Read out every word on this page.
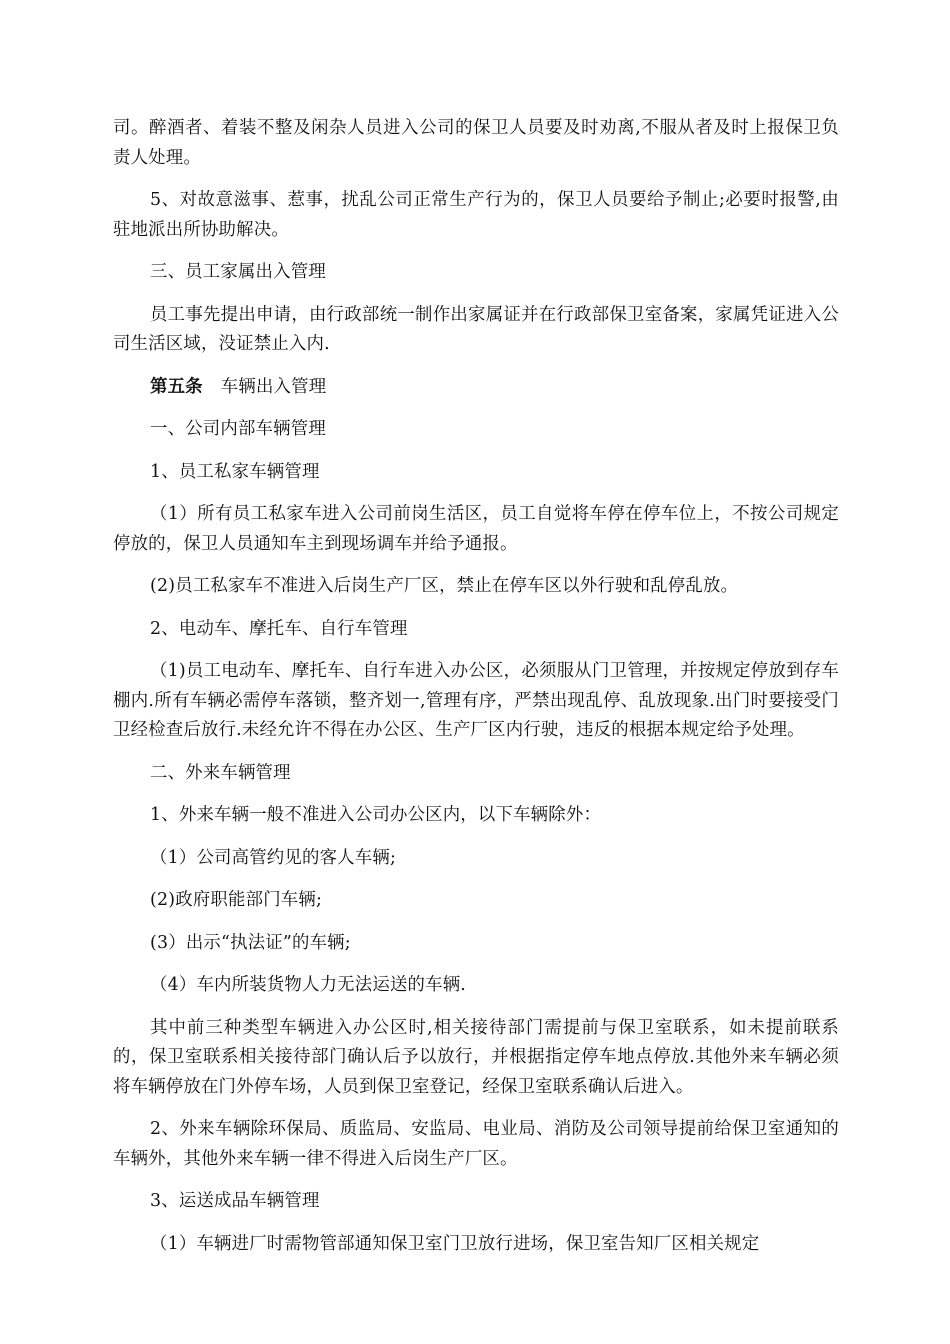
司。醉酒者、着装不整及闲杂人员进入公司的保卫人员要及时劝离,不服从者及时上报保卫负责人处理。

5、对故意滋事、惹事，扰乱公司正常生产行为的，保卫人员要给予制止;必要时报警,由驻地派出所协助解决。

三、员工家属出入管理

员工事先提出申请，由行政部统一制作出家属证并在行政部保卫室备案，家属凭证进入公司生活区域，没证禁止入内.

第五条 车辆出入管理

一、公司内部车辆管理

1、员工私家车辆管理

（1）所有员工私家车进入公司前岗生活区，员工自觉将车停在停车位上，不按公司规定停放的，保卫人员通知车主到现场调车并给予通报。

(2)员工私家车不准进入后岗生产厂区，禁止在停车区以外行驶和乱停乱放。

2、电动车、摩托车、自行车管理

（1)员工电动车、摩托车、自行车进入办公区，必须服从门卫管理，并按规定停放到存车棚内.所有车辆必需停车落锁，整齐划一,管理有序，严禁出现乱停、乱放现象.出门时要接受门卫经检查后放行.未经允许不得在办公区、生产厂区内行驶，违反的根据本规定给予处理。

二、外来车辆管理

1、外来车辆一般不准进入公司办公区内，以下车辆除外：

（1）公司高管约见的客人车辆;

(2)政府职能部门车辆;

(3）出示“执法证”的车辆;

（4）车内所装货物人力无法运送的车辆.

其中前三种类型车辆进入办公区时,相关接待部门需提前与保卫室联系，如未提前联系的，保卫室联系相关接待部门确认后予以放行，并根据指定停车地点停放.其他外来车辆必须将车辆停放在门外停车场，人员到保卫室登记，经保卫室联系确认后进入。

2、外来车辆除环保局、质监局、安监局、电业局、消防及公司领导提前给保卫室通知的车辆外，其他外来车辆一律不得进入后岗生产厂区。

3、运送成品车辆管理

（1）车辆进厂时需物管部通知保卫室门卫放行进场，保卫室告知厂区相关规定
